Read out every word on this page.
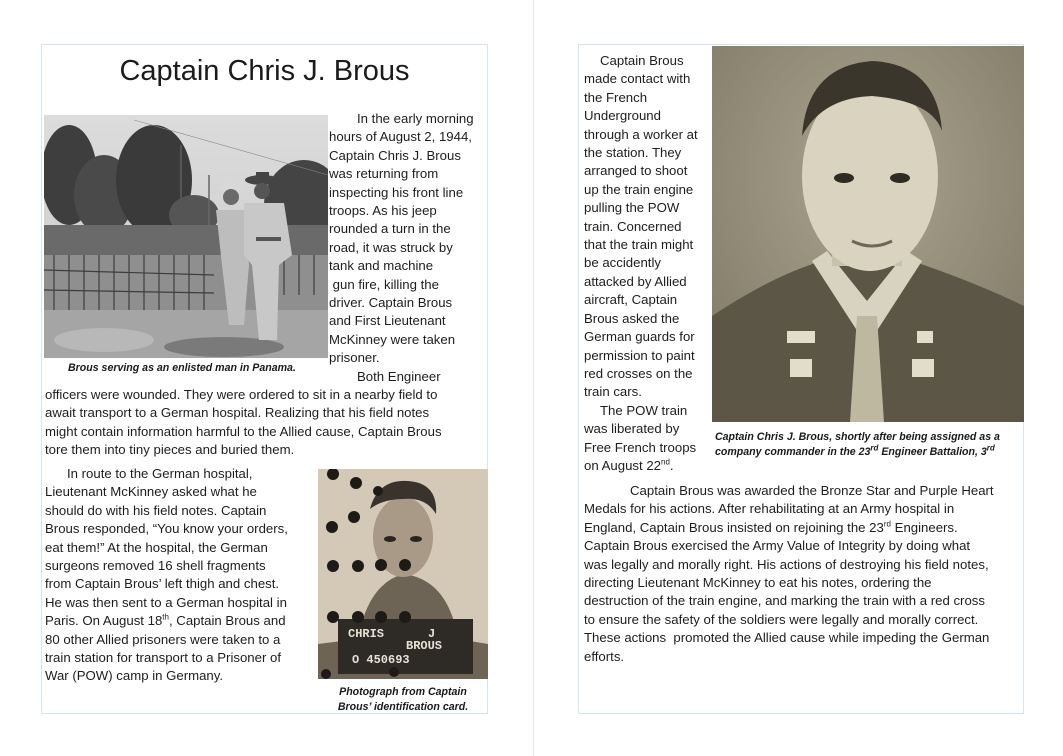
Captain Chris J. Brous
Brous serving as an enlisted man in Panama.
In the early morning
hours of August 2, 1944,
Captain Chris J. Brous
was returning from
inspecting his front line
troops. As his jeep
rounded a turn in the
road, it was struck by
tank and machine
gun fire, killing the
driver. Captain Brous
and First Lieutenant
McKinney were taken
prisoner.
Both Engineer
officers were wounded. They were ordered to sit in a nearby field to
await transport to a German hospital. Realizing that his field notes
might contain information harmful to the Allied cause, Captain Brous
tore them into tiny pieces and buried them.
CHRIS	J
BROUS
O 450693
Photograph from Captain
Brous’ identification card.
In route to the German hospital,
Lieutenant McKinney asked what he
should do with his field notes. Captain
Brous responded, “You know your orders,
eat them!” At the hospital, the German
surgeons removed 16 shell fragments
from Captain Brous’ left thigh and chest.
He was then sent to a German hospital in
Paris. On August 18th, Captain Brous and
80 other Allied prisoners were taken to a
train station for transport to a Prisoner of
War (POW) camp in Germany.
Captain Brous
made contact with
the French
Underground
through a worker at
the station. They
arranged to shoot
up the train engine
pulling the POW
train. Concerned
that the train might
be accidently
attacked by Allied
aircraft, Captain
Brous asked the
German guards for
permission to paint
red crosses on the
train cars.
The POW train
was liberated by
Free French troops
on August 22nd.
Captain Chris J. Brous, shortly after being assigned as a
company commander in the 23rd Engineer Battalion, 3rd
Captain Brous was awarded the Bronze Star and Purple Heart
Medals for his actions. After rehabilitating at an Army hospital in
England, Captain Brous insisted on rejoining the 23rd Engineers.
Captain Brous exercised the Army Value of Integrity by doing what
was legally and morally right. His actions of destroying his field notes,
directing Lieutenant McKinney to eat his notes, ordering the
destruction of the train engine, and marking the train with a red cross
to ensure the safety of the soldiers were legally and morally correct.
These actions  promoted the Allied cause while impeding the German
efforts.
